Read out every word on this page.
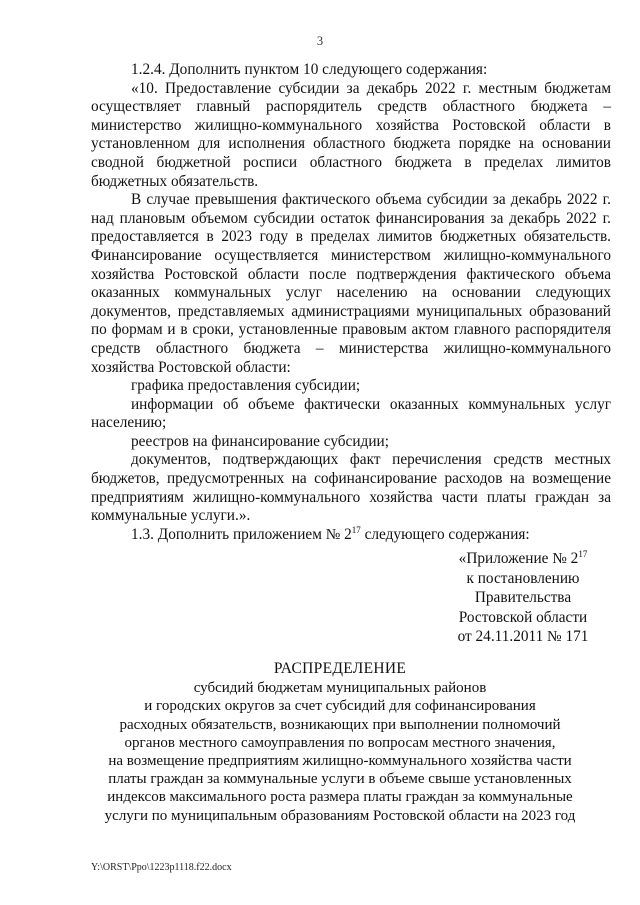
3

1.2.4. Дополнить пунктом 10 следующего содержания:

«10. Предоставление субсидии за декабрь 2022 г. местным бюджетам осуществляет главный распорядитель средств областного бюджета – министерство жилищно-коммунального хозяйства Ростовской области в установленном для исполнения областного бюджета порядке на основании сводной бюджетной росписи областного бюджета в пределах лимитов бюджетных обязательств.

В случае превышения фактического объема субсидии за декабрь 2022 г. над плановым объемом субсидии остаток финансирования за декабрь 2022 г. предоставляется в 2023 году в пределах лимитов бюджетных обязательств. Финансирование осуществляется министерством жилищно-коммунального хозяйства Ростовской области после подтверждения фактического объема оказанных коммунальных услуг населению на основании следующих документов, представляемых администрациями муниципальных образований по формам и в сроки, установленные правовым актом главного распорядителя средств областного бюджета – министерства жилищно-коммунального хозяйства Ростовской области:

графика предоставления субсидии;

информации об объеме фактически оказанных коммунальных услуг населению;

реестров на финансирование субсидии;

документов, подтверждающих факт перечисления средств местных бюджетов, предусмотренных на софинансирование расходов на возмещение предприятиям жилищно-коммунального хозяйства части платы граждан за коммунальные услуги.».

1.3. Дополнить приложением № $2^{17}$ следующего содержания:

«Приложение № $2^{17}$
к постановлению
Правительства
Ростовской области
от 24.11.2011 № 171
РАСПРЕДЕЛЕНИЕ
субсидий бюджетам муниципальных районов
и городских округов за счет субсидий для софинансирования
расходных обязательств, возникающих при выполнении полномочий
органов местного самоуправления по вопросам местного значения,
на возмещение предприятиям жилищно-коммунального хозяйства части
платы граждан за коммунальные услуги в объеме свыше установленных
индексов максимального роста размера платы граждан за коммунальные
услуги по муниципальным образованиям Ростовской области на 2023 год
Y:\ORST\Ppo\1223p1118.f22.docx
